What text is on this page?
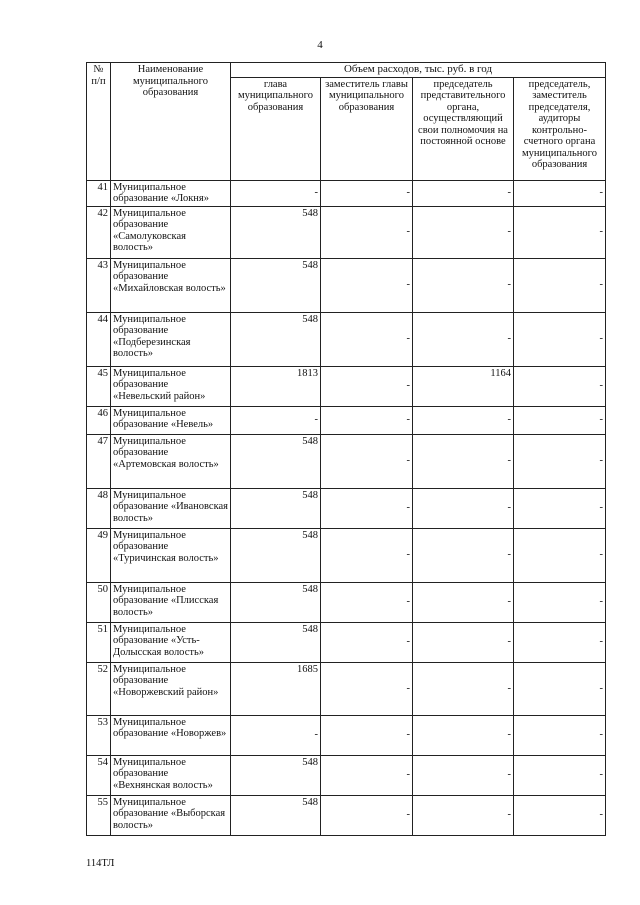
4
№ п/п	Наименование муниципального образования	Объем расходов, тыс. руб. в год			
		глава муниципального образования	заместитель главы муниципального образования	председатель представительного органа, осуществляющий свои полномочия на постоянной основе	председатель, заместитель председателя, аудиторы контрольно-счетного органа муниципального образования
41	Муниципальное образование «Локня»	-	-	-	-
42	Муниципальное образование «Самолуковская волость»	548	-	-	-
43	Муниципальное образование «Михайловская волость»	548	-	-	-
44	Муниципальное образование «Подберезинская волость»	548	-	-	-
45	Муниципальное образование «Невельский район»	1813	-	1164	-
46	Муниципальное образование «Невель»	-	-	-	-
47	Муниципальное образование «Артемовская волость»	548	-	-	-
48	Муниципальное образование «Ивановская волость»	548	-	-	-
49	Муниципальное образование «Туричинская волость»	548	-	-	-
50	Муниципальное образование «Плисская волость»	548	-	-	-
51	Муниципальное образование «Усть-Долысская волость»	548	-	-	-
52	Муниципальное образование «Новоржевский район»	1685	-	-	-
53	Муниципальное образование «Новоржев»	-	-	-	-
54	Муниципальное образование «Вехнянская волость»	548	-	-	-
55	Муниципальное образование «Выборская волость»	548	-	-	-
114ТЛ
